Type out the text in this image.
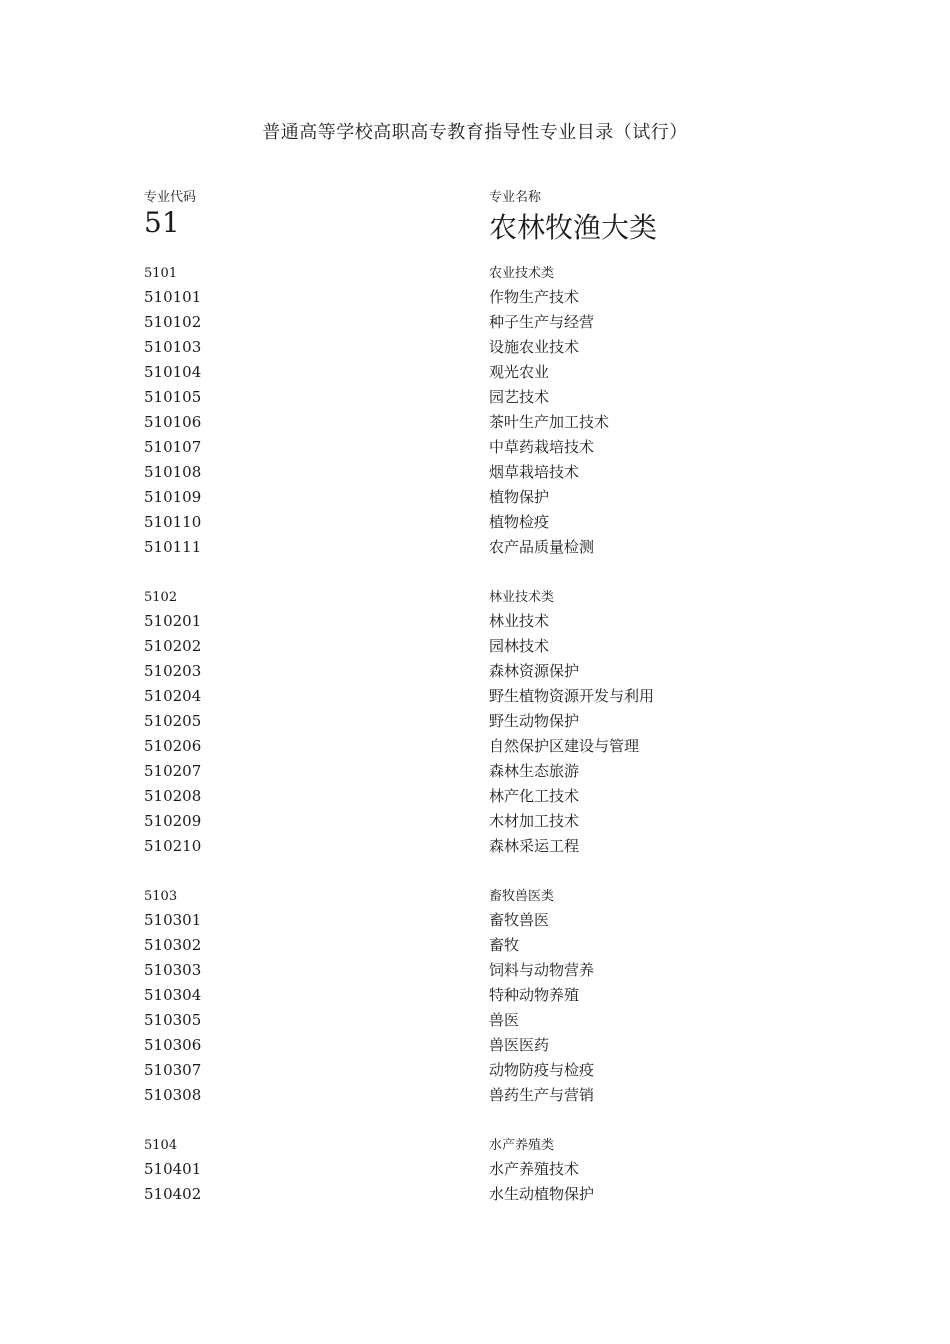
普通高等学校高职高专教育指导性专业目录（试行）
专业代码	专业名称
51	农林牧渔大类
5101	农业技术类
510101	作物生产技术
510102	种子生产与经营
510103	设施农业技术
510104	观光农业
510105	园艺技术
510106	茶叶生产加工技术
510107	中草药栽培技术
510108	烟草栽培技术
510109	植物保护
510110	植物检疫
510111	农产品质量检测
5102	林业技术类
510201	林业技术
510202	园林技术
510203	森林资源保护
510204	野生植物资源开发与利用
510205	野生动物保护
510206	自然保护区建设与管理
510207	森林生态旅游
510208	林产化工技术
510209	木材加工技术
510210	森林采运工程
5103	畜牧兽医类
510301	畜牧兽医
510302	畜牧
510303	饲料与动物营养
510304	特种动物养殖
510305	兽医
510306	兽医医药
510307	动物防疫与检疫
510308	兽药生产与营销
5104	水产养殖类
510401	水产养殖技术
510402	水生动植物保护
